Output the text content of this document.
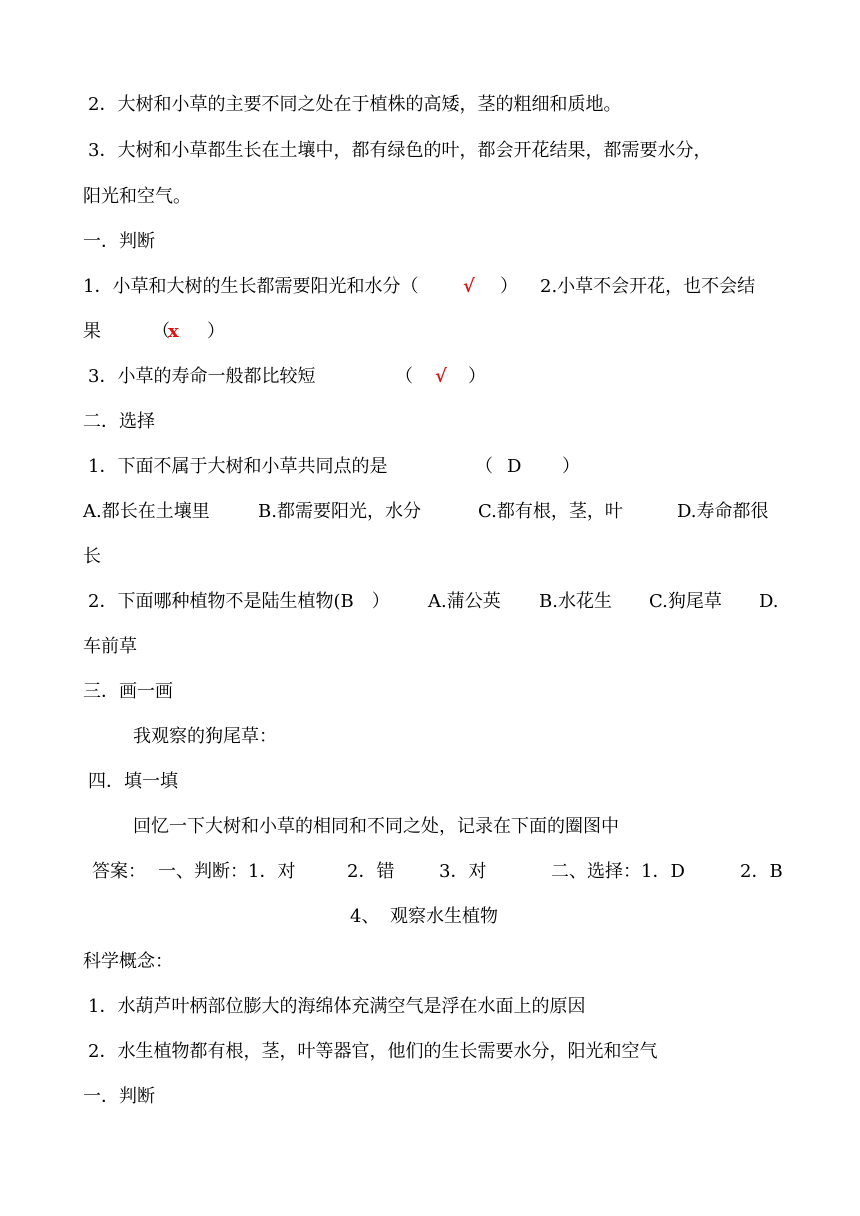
2．大树和小草的主要不同之处在于植株的高矮，茎的粗细和质地。
3．大树和小草都生长在土壤中，都有绿色的叶，都会开花结果，都需要水分，
阳光和空气。
一．判断
1．小草和大树的生长都需要阳光和水分（ √ ） 2.小草不会开花，也不会结
果	（
x ）
3．小草的寿命一般都比较短	（ √ ）
二．选择
1．下面不属于大树和小草共同点的是	（ D ）
A.都长在土壤里	B.都需要阳光，水分	C.都有根，茎，叶	D.寿命都很
长
2．下面哪种植物不是陆生植物(B　） A.蒲公英 B.水花生 C.狗尾草 D.
车前草
三．画一画
我观察的狗尾草：
四．填一填
回忆一下大树和小草的相同和不同之处，记录在下面的圈图中
答案： 一、判断：1．对	2．错 3．对	二、选择：1．D	2．B
4、 观察水生植物
科学概念：
1．水葫芦叶柄部位膨大的海绵体充满空气是浮在水面上的原因
2．水生植物都有根，茎，叶等器官，他们的生长需要水分，阳光和空气
一．判断
